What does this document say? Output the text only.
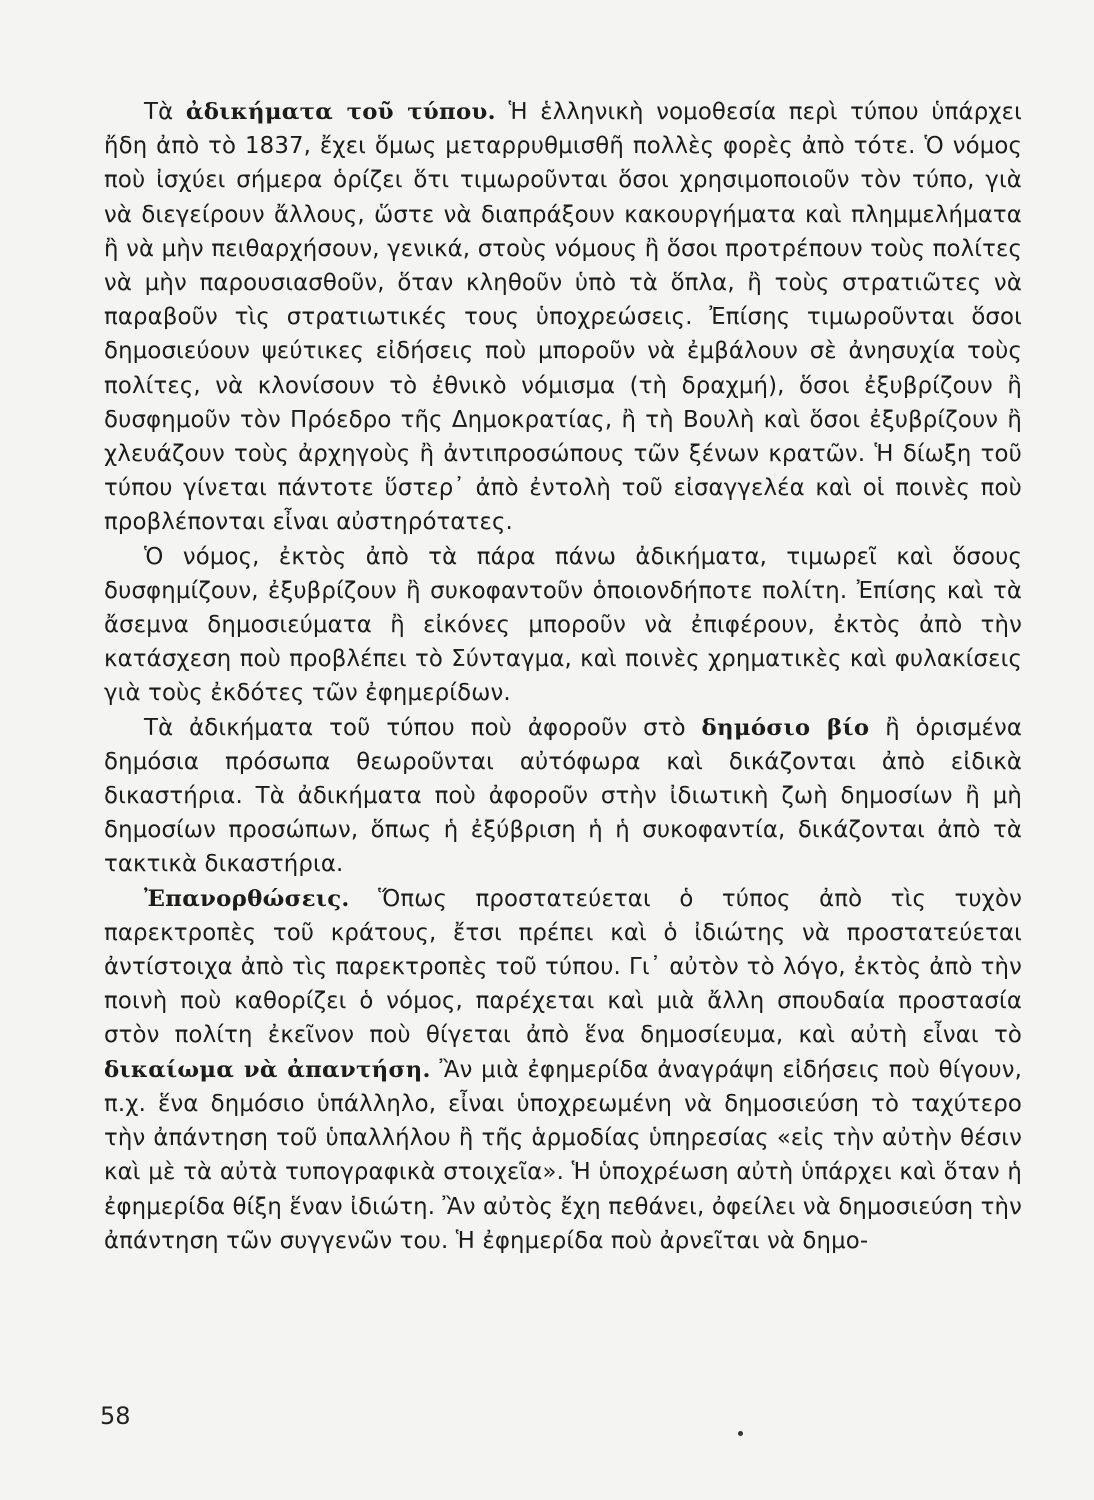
Τὰ ἀδικήματα τοῦ τύπου. Ἡ ἑλληνικὴ νομοθεσία περὶ τύπου ὑπάρχει ἤδη ἀπὸ τὸ 1837, ἔχει ὅμως μεταρρυθμισθῆ πολλὲς φορὲς ἀπὸ τότε. Ὁ νόμος ποὺ ἰσχύει σήμερα ὁρίζει ὅτι τιμωροῦνται ὅσοι χρησιμοποιοῦν τὸν τύπο, γιὰ νὰ διεγείρουν ἄλλους, ὥστε νὰ διαπράξουν κακουργήματα καὶ πλημμελήματα ἢ νὰ μὴν πειθαρχήσουν, γενικά, στοὺς νόμους ἢ ὅσοι προτρέπουν τοὺς πολίτες νὰ μὴν παρουσιασθοῦν, ὅταν κληθοῦν ὑπὸ τὰ ὅπλα, ἢ τοὺς στρατιῶτες νὰ παραβοῦν τὶς στρατιωτικές τους ὑποχρεώσεις. Ἐπίσης τιμωροῦνται ὅσοι δημοσιεύουν ψεύτικες εἰδήσεις ποὺ μποροῦν νὰ ἐμβάλουν σὲ ἀνησυχία τοὺς πολίτες, νὰ κλονίσουν τὸ ἐθνικὸ νόμισμα (τὴ δραχμή), ὅσοι ἐξυβρίζουν ἢ δυσφημοῦν τὸν Πρόεδρο τῆς Δημοκρατίας, ἢ τὴ Βουλὴ καὶ ὅσοι ἐξυβρίζουν ἢ χλευάζουν τοὺς ἀρχηγοὺς ἢ ἀντιπροσώπους τῶν ξένων κρατῶν. Ἡ δίωξη τοῦ τύπου γίνεται πάντοτε ὕστερ᾿ ἀπὸ ἐντολὴ τοῦ εἰσαγγελέα καὶ οἱ ποινὲς ποὺ προβλέπονται εἶναι αὐστηρότατες.

Ὁ νόμος, ἐκτὸς ἀπὸ τὰ πάρα πάνω ἀδικήματα, τιμωρεῖ καὶ ὅσους δυσφημίζουν, ἐξυβρίζουν ἢ συκοφαντοῦν ὁποιονδήποτε πολίτη. Ἐπίσης καὶ τὰ ἄσεμνα δημοσιεύματα ἢ εἰκόνες μποροῦν νὰ ἐπιφέρουν, ἐκτὸς ἀπὸ τὴν κατάσχεση ποὺ προβλέπει τὸ Σύνταγμα, καὶ ποινὲς χρηματικὲς καὶ φυλακίσεις γιὰ τοὺς ἐκδότες τῶν ἐφημερίδων.

Τὰ ἀδικήματα τοῦ τύπου ποὺ ἀφοροῦν στὸ δημόσιο βίο ἢ ὁρισμένα δημόσια πρόσωπα θεωροῦνται αὐτόφωρα καὶ δικάζονται ἀπὸ εἰδικὰ δικαστήρια. Τὰ ἀδικήματα ποὺ ἀφοροῦν στὴν ἰδιωτικὴ ζωὴ δημοσίων ἢ μὴ δημοσίων προσώπων, ὅπως ἡ ἐξύβριση ἡ ἡ συκοφαντία, δικάζονται ἀπὸ τὰ τακτικὰ δικαστήρια.

Ἐπανορθώσεις. Ὅπως προστατεύεται ὁ τύπος ἀπὸ τὶς τυχὸν παρεκτροπὲς τοῦ κράτους, ἔτσι πρέπει καὶ ὁ ἰδιώτης νὰ προστατεύεται ἀντίστοιχα ἀπὸ τὶς παρεκτροπὲς τοῦ τύπου. Γι᾿ αὐτὸν τὸ λόγο, ἐκτὸς ἀπὸ τὴν ποινὴ ποὺ καθορίζει ὁ νόμος, παρέχεται καὶ μιὰ ἄλλη σπουδαία προστασία στὸν πολίτη ἐκεῖνον ποὺ θίγεται ἀπὸ ἕνα δημοσίευμα, καὶ αὐτὴ εἶναι τὸ δικαίωμα νὰ ἀπαντήση. Ἂν μιὰ ἐφημερίδα ἀναγράψη εἰδήσεις ποὺ θίγουν, π.χ. ἕνα δημόσιο ὑπάλληλο, εἶναι ὑποχρεωμένη νὰ δημοσιεύση τὸ ταχύτερο τὴν ἀπάντηση τοῦ ὑπαλλήλου ἢ τῆς ἁρμοδίας ὑπηρεσίας «εἰς τὴν αὐτὴν θέσιν καὶ μὲ τὰ αὐτὰ τυπογραφικὰ στοιχεῖα». Ἡ ὑποχρέωση αὐτὴ ὑπάρχει καὶ ὅταν ἡ ἐφημερίδα θίξη ἕναν ἰδιώτη. Ἂν αὐτὸς ἔχη πεθάνει, ὀφείλει νὰ δημοσιεύση τὴν ἀπάντηση τῶν συγγενῶν του. Ἡ ἐφημερίδα ποὺ ἀρνεῖται νὰ δημο-

58
